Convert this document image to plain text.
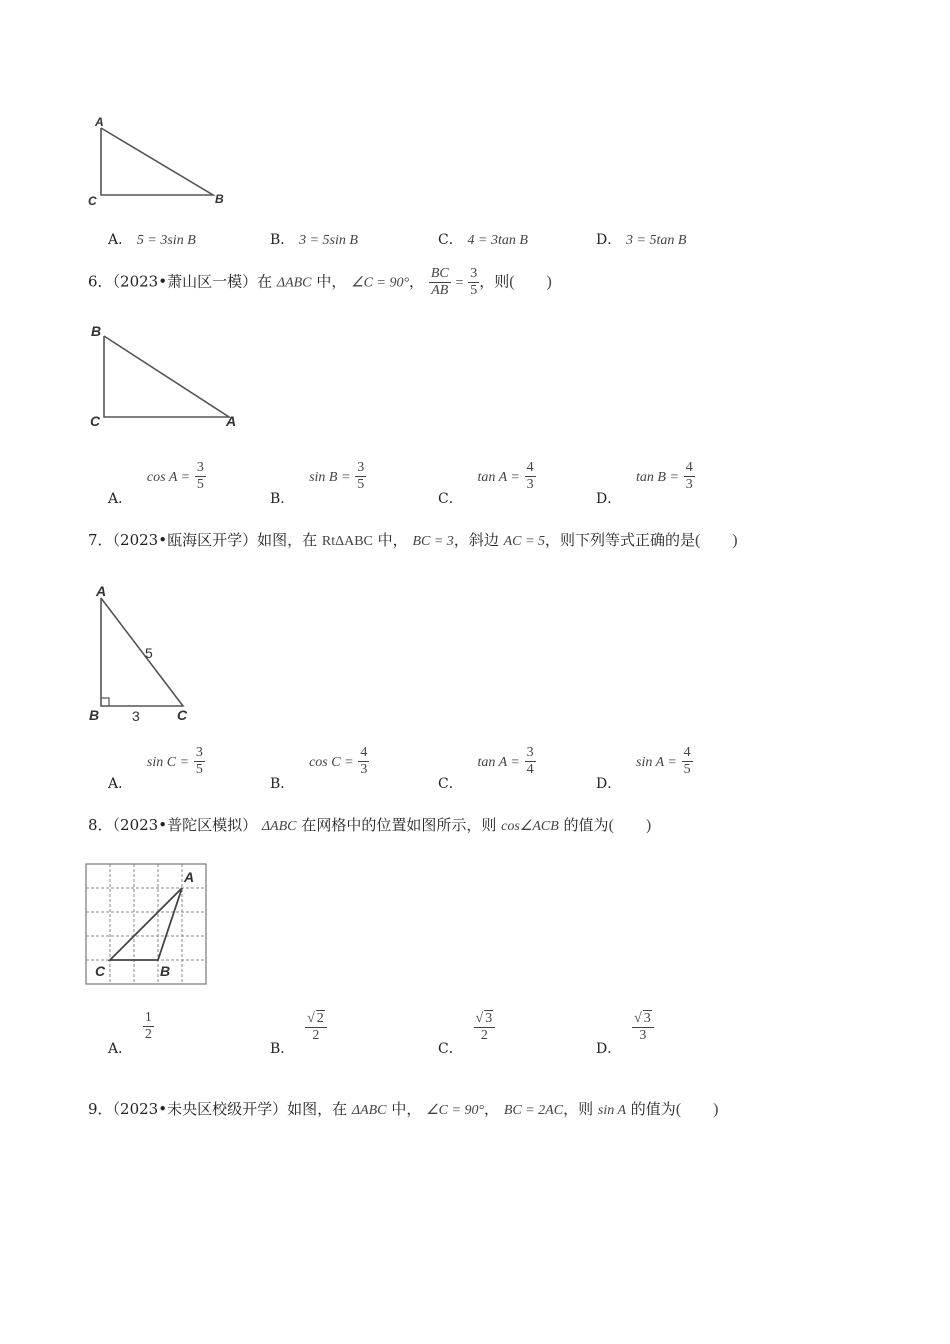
A
C	B
A． 5 = 3sin B	B． 3 = 5sin B	C． 4 = 3tan B	D． 3 = 5tan B
6．（2023•萧山区一模）在 ΔABC 中， ∠C = 90°， $\frac{BC}{AB} = \frac{3}{5}$ ，则(　　)
B
C	A
A． $\cos A = \frac{3}{5}$
B． $\sin B = \frac{3}{5}$
C． $\tan A = \frac{4}{3}$
D． $\tan B = \frac{4}{3}$
7．（2023•瓯海区开学）如图，在 RtΔABC 中， BC = 3，斜边 AC = 5，则下列等式正确的是(　　)
A
B	C
5
3
A． $\sin C = \frac{3}{5}$
B． $\cos C = \frac{4}{3}$
C． $\tan A = \frac{3}{4}$
D． $\sin A = \frac{4}{5}$
8．（2023•普陀区模拟） ΔABC 在网格中的位置如图所示，则 cos∠ACB 的值为(　　)
A
C	B
A．
$\frac{1}{2}$
B．
$\frac{√ 2}{2}$
C．
$\frac{√ 3}{2}$
D．
$\frac{√ 3}{3}$
9．（2023•未央区校级开学）如图，在 ΔABC 中， ∠C = 90°， BC = 2AC，则 sin A 的值为(　　)
